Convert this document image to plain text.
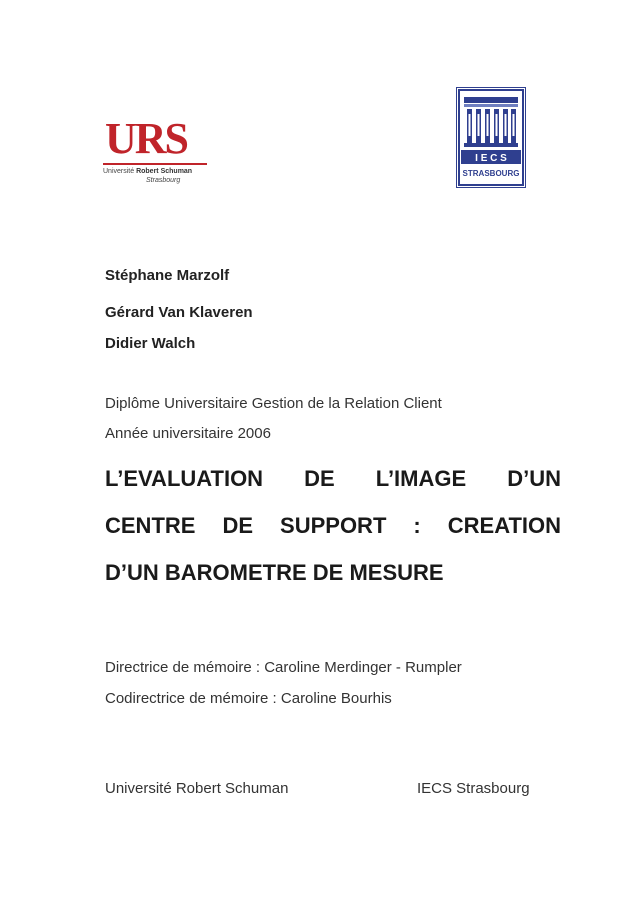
URS
Université Robert Schuman
Strasbourg
I E C S
STRASBOURG

Stéphane Marzolf

Gérard Van Klaveren

Didier Walch

Diplôme Universitaire Gestion de la Relation Client

Année universitaire 2006

L’EVALUATION DE L’IMAGE D’UN

CENTRE DE SUPPORT : CREATION

D’UN BAROMETRE DE MESURE

Directrice de mémoire : Caroline Merdinger - Rumpler

Codirectrice de mémoire : Caroline Bourhis

Université Robert Schuman	IECS Strasbourg
